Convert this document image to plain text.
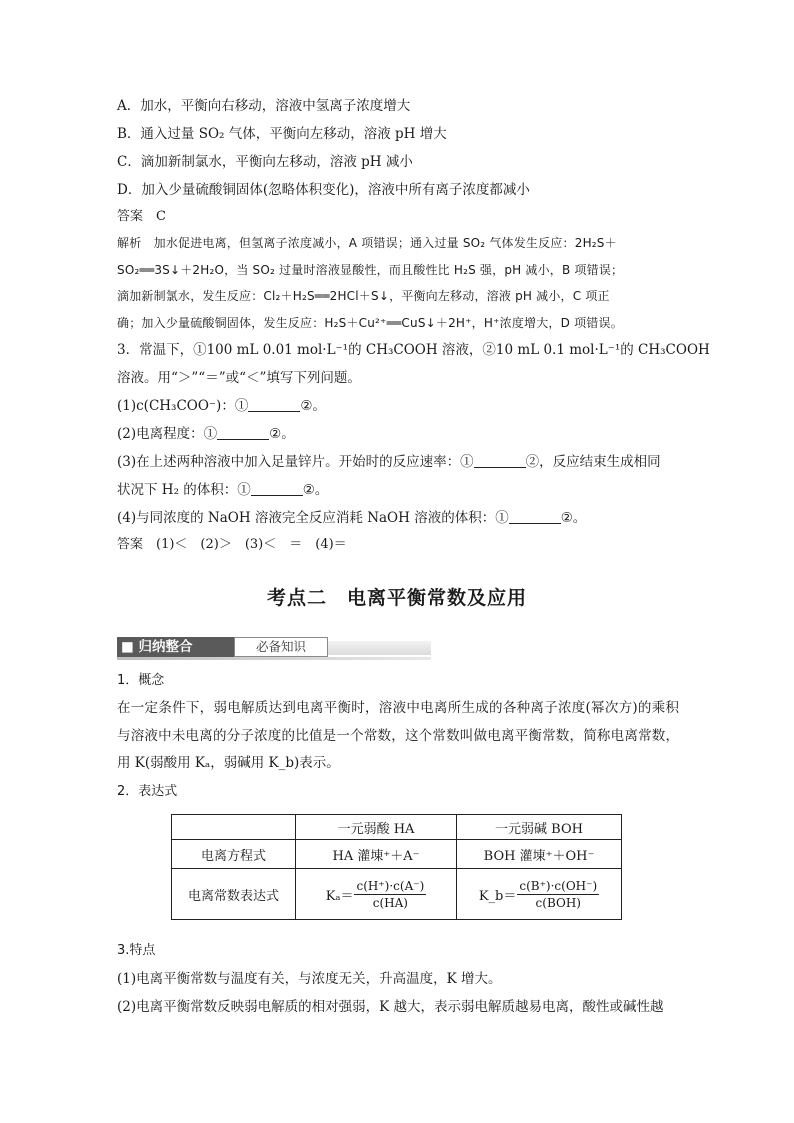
A．加水，平衡向右移动，溶液中氢离子浓度增大
B．通入过量 SO₂ 气体，平衡向左移动，溶液 pH 增大
C．滴加新制氯水，平衡向左移动，溶液 pH 减小
D．加入少量硫酸铜固体(忽略体积变化)，溶液中所有离子浓度都减小
答案　C
解析　加水促进电离，但氢离子浓度减小，A 项错误；通入过量 SO₂ 气体发生反应：2H₂S＋
SO₂══3S↓＋2H₂O，当 SO₂ 过量时溶液显酸性，而且酸性比 H₂S 强，pH 减小，B 项错误；
滴加新制氯水，发生反应：Cl₂＋H₂S══2HCl＋S↓，平衡向左移动，溶液 pH 减小，C 项正
确；加入少量硫酸铜固体，发生反应：H₂S＋Cu²⁺══CuS↓＋2H⁺，H⁺浓度增大，D 项错误。
3．常温下，①100 mL 0.01 mol·L⁻¹的 CH₃COOH 溶液，②10 mL 0.1 mol·L⁻¹的 CH₃COOH
溶液。用“＞”“＝”或“＜”填写下列问题。
(1)c(CH₃COO⁻)：①	②。
(2)电离程度：①	②。
(3)在上述两种溶液中加入足量锌片。开始时的反应速率：①	②，反应结束生成相同
状况下 H₂ 的体积：①	②。
(4)与同浓度的 NaOH 溶液完全反应消耗 NaOH 溶液的体积：①	②。
答案　(1)＜　(2)＞　(3)＜　＝　(4)＝
考点二　电离平衡常数及应用
■ 归纳整合	必备知识
1．概念
在一定条件下，弱电解质达到电离平衡时，溶液中电离所生成的各种离子浓度(幂次方)的乘积与溶液中未电离的分子浓度的比值是一个常数，这个常数叫做电离平衡常数，简称电离常数，用 K(弱酸用 Kₐ，弱碱用 K_b)表示。
2．表达式
	一元弱酸 HA	一元弱碱 BOH
电离方程式	HA 灌埬⁺＋A⁻	BOH 灌埬⁺＋OH⁻
电离常数表达式	$K_a= \frac{c(H^+)\cdot c(A^-)}{c(HA)}$	K_b＝ $\frac{c(B^+)\cdot c(OH^-)}{\text{c(BOH)}}$
3.特点
(1)电离平衡常数与温度有关，与浓度无关，升高温度，K 增大。
(2)电离平衡常数反映弱电解质的相对强弱，K 越大，表示弱电解质越易电离，酸性或碱性越
